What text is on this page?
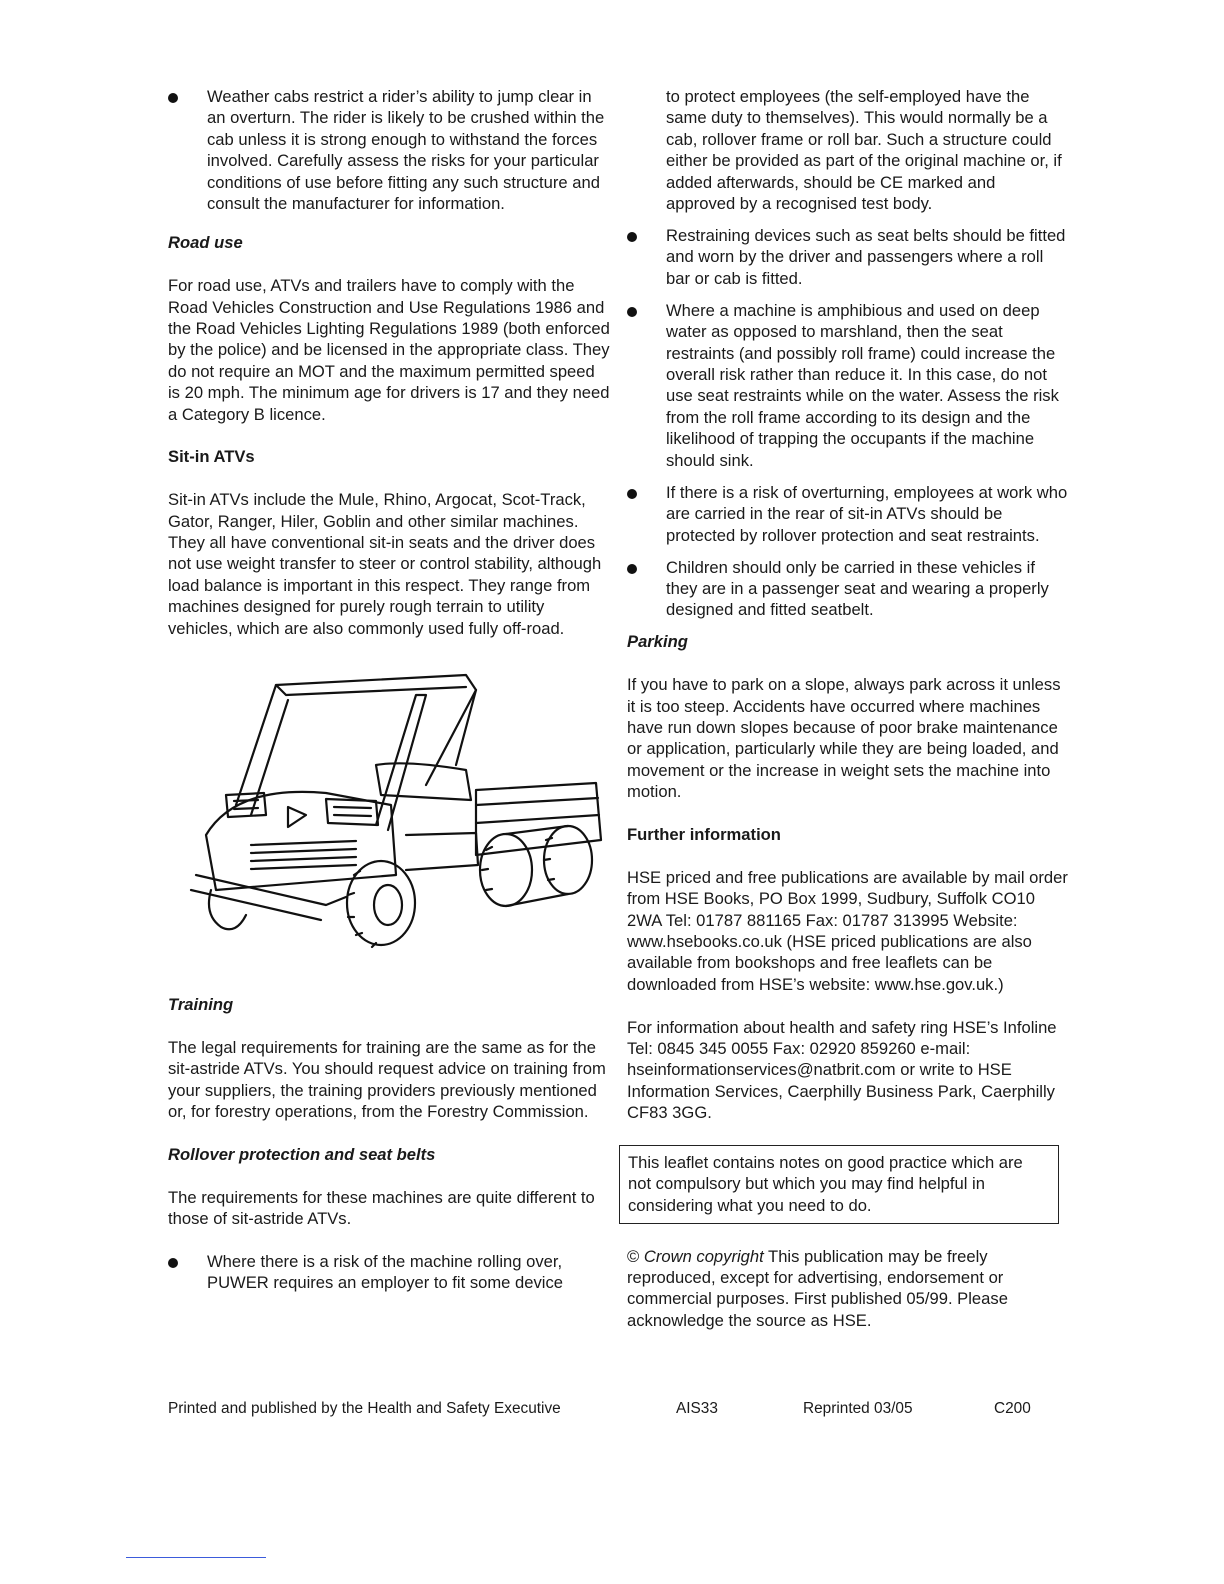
Weather cabs restrict a rider’s ability to jump clear in an overturn. The rider is likely to be crushed within the cab unless it is strong enough to withstand the forces involved. Carefully assess the risks for your particular conditions of use before fitting any such structure and consult the manufacturer for information.
Road use

For road use, ATVs and trailers have to comply with the Road Vehicles Construction and Use Regulations 1986 and the Road Vehicles Lighting Regulations 1989 (both enforced by the police) and be licensed in the appropriate class. They do not require an MOT and the maximum permitted speed is 20 mph. The minimum age for drivers is 17 and they need a Category B licence.

Sit-in ATVs

Sit-in ATVs include the Mule, Rhino, Argocat, Scot-Track, Gator, Ranger, Hiler, Goblin and other similar machines. They all have conventional sit-in seats and the driver does not use weight transfer to steer or control stability, although load balance is important in this respect. They range from machines designed for purely rough terrain to utility vehicles, which are also commonly used fully off-road.

Training

The legal requirements for training are the same as for the sit-astride ATVs. You should request advice on training from your suppliers, the training providers previously mentioned or, for forestry operations, from the Forestry Commission.

Rollover protection and seat belts

The requirements for these machines are quite different to those of sit-astride ATVs.

Where there is a risk of the machine rolling over, PUWER requires an employer to fit some device
to protect employees (the self-employed have the same duty to themselves). This would normally be a cab, rollover frame or roll bar. Such a structure could either be provided as part of the original machine or, if added afterwards, should be CE marked and approved by a recognised test body.
Restraining devices such as seat belts should be fitted and worn by the driver and passengers where a roll bar or cab is fitted.
Where a machine is amphibious and used on deep water as opposed to marshland, then the seat restraints (and possibly roll frame) could increase the overall risk rather than reduce it. In this case, do not use seat restraints while on the water. Assess the risk from the roll frame according to its design and the likelihood of trapping the occupants if the machine should sink.
If there is a risk of overturning, employees at work who are carried in the rear of sit-in ATVs should be protected by rollover protection and seat restraints.
Children should only be carried in these vehicles if they are in a passenger seat and wearing a properly designed and fitted seatbelt.
Parking

If you have to park on a slope, always park across it unless it is too steep. Accidents have occurred where machines have run down slopes because of poor brake maintenance or application, particularly while they are being loaded, and movement or the increase in weight sets the machine into motion.

Further information

HSE priced and free publications are available by mail order from HSE Books, PO Box 1999, Sudbury, Suffolk CO10 2WA Tel: 01787 881165 Fax: 01787 313995 Website: www.hsebooks.co.uk (HSE priced publications are also available from bookshops and free leaflets can be downloaded from HSE’s website: www.hse.gov.uk.)

For information about health and safety ring HSE’s Infoline Tel: 0845 345 0055 Fax: 02920 859260 e-mail: hseinformationservices@natbrit.com or write to HSE Information Services, Caerphilly Business Park, Caerphilly CF83 3GG.

This leaflet contains notes on good practice which are not compulsory but which you may find helpful in considering what you need to do.

© Crown copyright This publication may be freely reproduced, except for advertising, endorsement or commercial purposes. First published 05/99. Please acknowledge the source as HSE.

Printed and published by the Health and Safety Executive	AIS33	Reprinted 03/05	C200
